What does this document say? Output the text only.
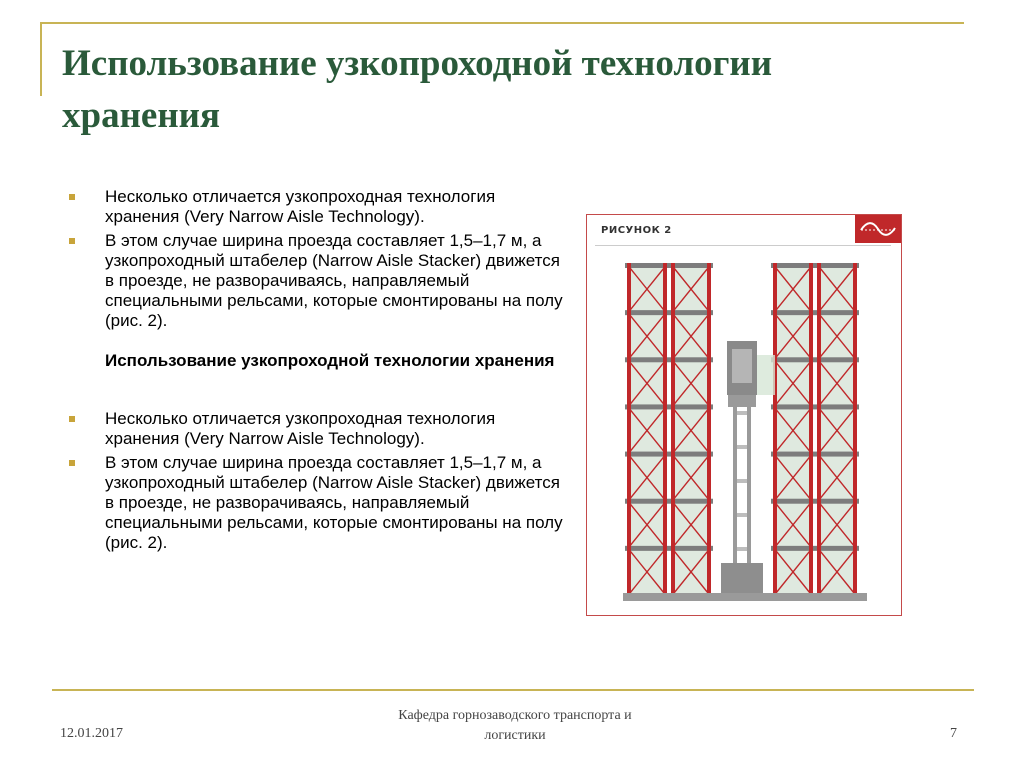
Использование узкопроходной технологии
хранения
Несколько отличается узкопроходная технология хранения (Very Narrow Aisle Technology).
В этом случае ширина проезда составляет 1,5–1,7 м, а узкопроходный штабелер (Narrow Aisle Stacker) движется в проезде, не разворачиваясь, направляемый специальными рельсами, которые смонтированы на полу (рис. 2).
Использование узкопроходной технологии хранения
Несколько отличается узкопроходная технология хранения (Very Narrow Aisle Technology).
В этом случае ширина проезда составляет 1,5–1,7 м, а узкопроходный штабелер (Narrow Aisle Stacker) движется в проезде, не разворачиваясь, направляемый специальными рельсами, которые смонтированы на полу (рис. 2).
РИСУНОК 2
12.01.2017
Кафедра горнозаводского транспорта и
логистики	7
